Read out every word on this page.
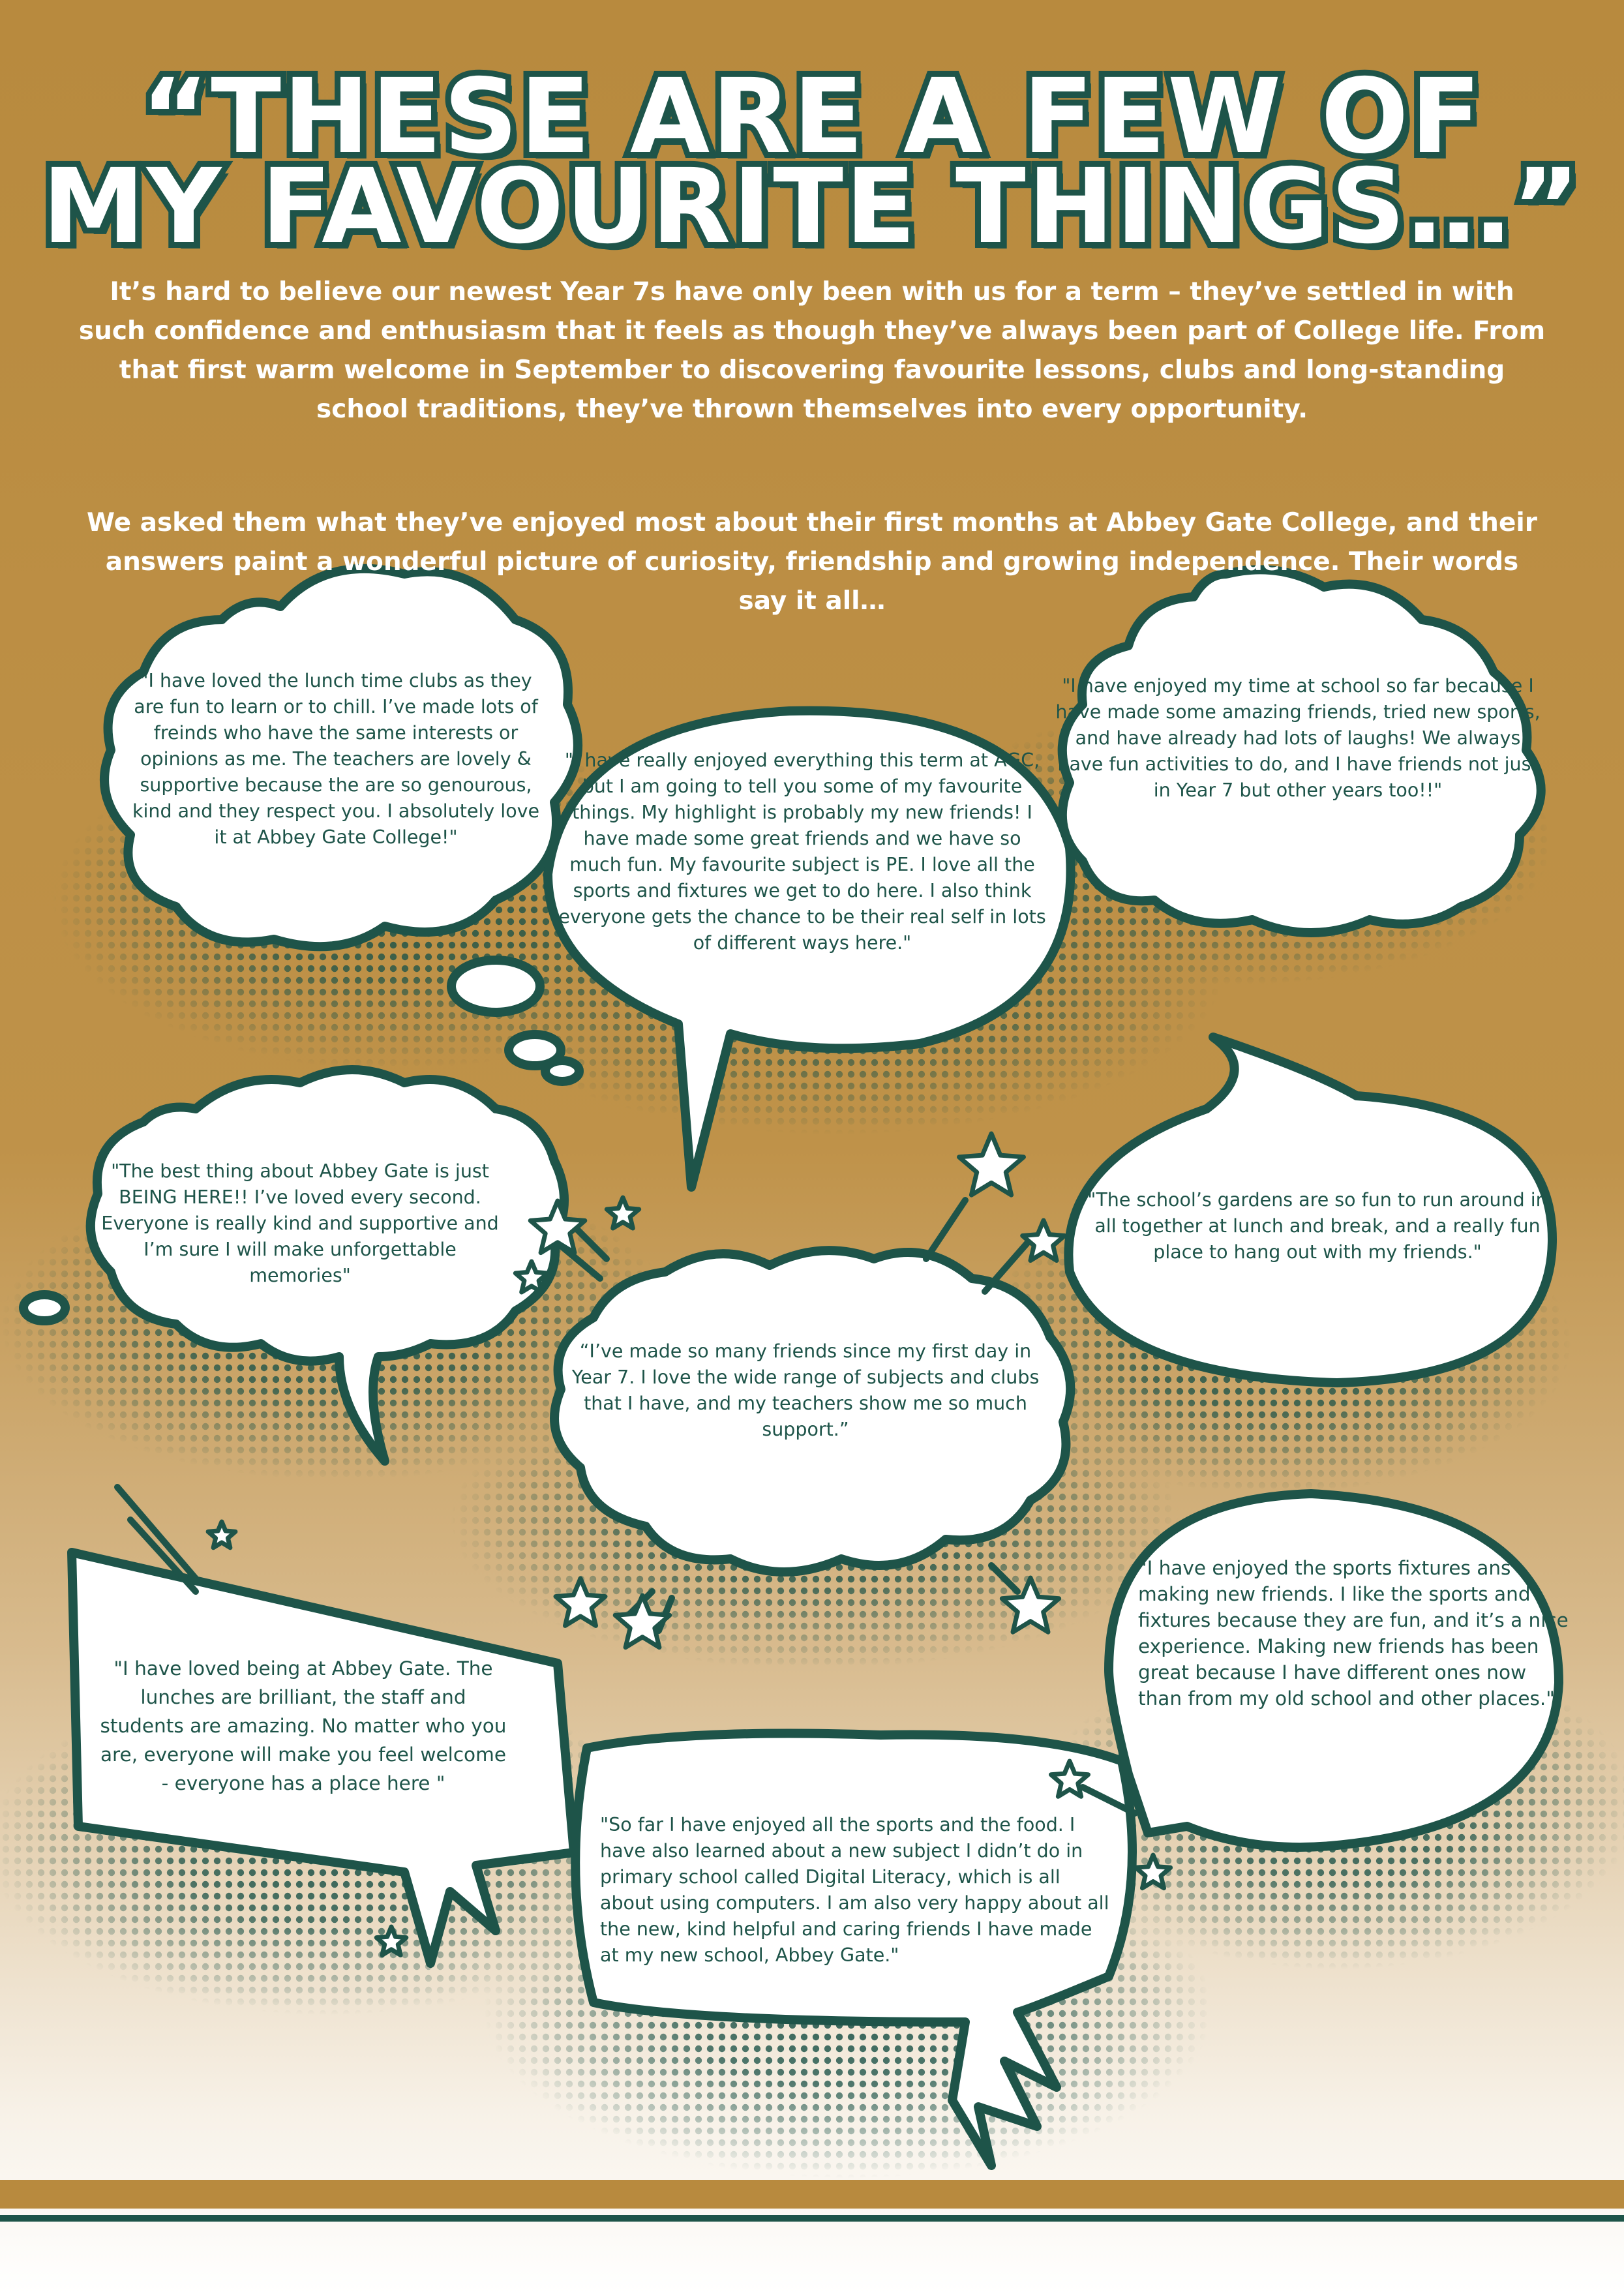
“THESE ARE A FEW OF
MY FAVOURITE THINGS…”

It’s hard to believe our newest Year 7s have only been with us for a term – they’ve settled in with such confidence and enthusiasm that it feels as though they’ve always been part of College life. From that first warm welcome in September to discovering favourite lessons, clubs and long-standing school traditions, they’ve thrown themselves into every opportunity.

We asked them what they’ve enjoyed most about their first months at Abbey Gate College, and their answers paint a wonderful picture of curiosity, friendship and growing independence. Their words say it all…

"I have loved the lunch time clubs as they are fun to learn or to chill. I’ve made lots of freinds who have the same interests or opinions as me. The teachers are lovely & supportive because the are so genourous, kind and they respect you. I absolutely love it at Abbey Gate College!"

"I have really enjoyed everything this term at AGC, but I am going to tell you some of my favourite things. My highlight is probably my new friends! I have made some great friends and we have so much fun. My favourite subject is PE. I love all the sports and fixtures we get to do here. I also think everyone gets the chance to be their real self in lots of different ways here."

"I have enjoyed my time at school so far because I have made some amazing friends, tried new sports, and have already had lots of laughs! We always have fun activities to do, and I have friends not just in Year 7 but other years too!!"

"The best thing about Abbey Gate is just BEING HERE!! I’ve loved every second. Everyone is really kind and supportive and I’m sure I will make unforgettable memories"

"The school’s gardens are so fun to run around in all together at lunch and break, and a really fun place to hang out with my friends."

“I’ve made so many friends since my first day in Year 7. I love the wide range of subjects and clubs that I have, and my teachers show me so much support.”

"I have loved being at Abbey Gate. The lunches are brilliant, the staff and students are amazing. No matter who you are, everyone will make you feel welcome - everyone has a place here "

"I have enjoyed the sports fixtures ans making new friends. I like the sports and fixtures because they are fun, and it’s a nice experience. Making new friends has been great because I have different ones now than from my old school and other places."

"So far I have enjoyed all the sports and the food. I have also learned about a new subject I didn’t do in primary school called Digital Literacy, which is all about using computers. I am also very happy about all the new, kind helpful and caring friends I have made at my new school, Abbey Gate."
